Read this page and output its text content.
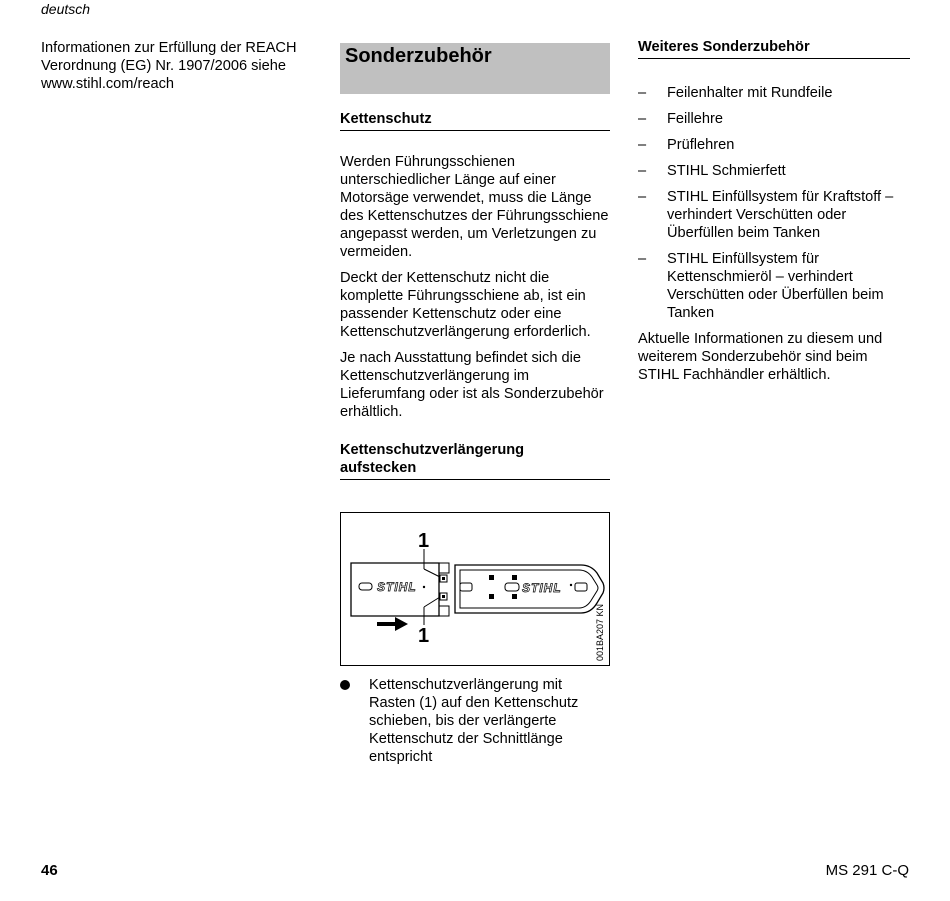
deutsch

Informationen zur Erfüllung der REACH

Verordnung (EG) Nr. 1907/2006 siehe

www.stihl.com/reach

Sonderzubehör
Kettenschutz

Werden Führungsschienen unterschiedlicher Länge auf einer Motorsäge verwendet, muss die Länge des Kettenschutzes der Führungsschiene angepasst werden, um Verletzungen zu vermeiden.

Deckt der Kettenschutz nicht die komplette Führungsschiene ab, ist ein passender Kettenschutz oder eine Kettenschutzverlängerung erforderlich.

Je nach Ausstattung befindet sich die Kettenschutzverlängerung im Lieferumfang oder ist als Sonderzubehör erhältlich.

Kettenschutzverlängerung
aufstecken
STIHL	STIHL
1
1	001BA207 KN
Kettenschutzverlängerung mit Rasten (1) auf den Kettenschutz schieben, bis der verlängerte Kettenschutz der Schnittlänge entspricht
Weiteres Sonderzubehör
– Feilenhalter mit Rundfeile
– Feillehre
– Prüflehren
– STIHL Schmierfett
– STIHL Einfüllsystem für Kraftstoff – verhindert Verschütten oder Überfüllen beim Tanken
– STIHL Einfüllsystem für Kettenschmieröl – verhindert Verschütten oder Überfüllen beim Tanken

Aktuelle Informationen zu diesem und weiterem Sonderzubehör sind beim STIHL Fachhändler erhältlich.

46	MS 291 C-Q
